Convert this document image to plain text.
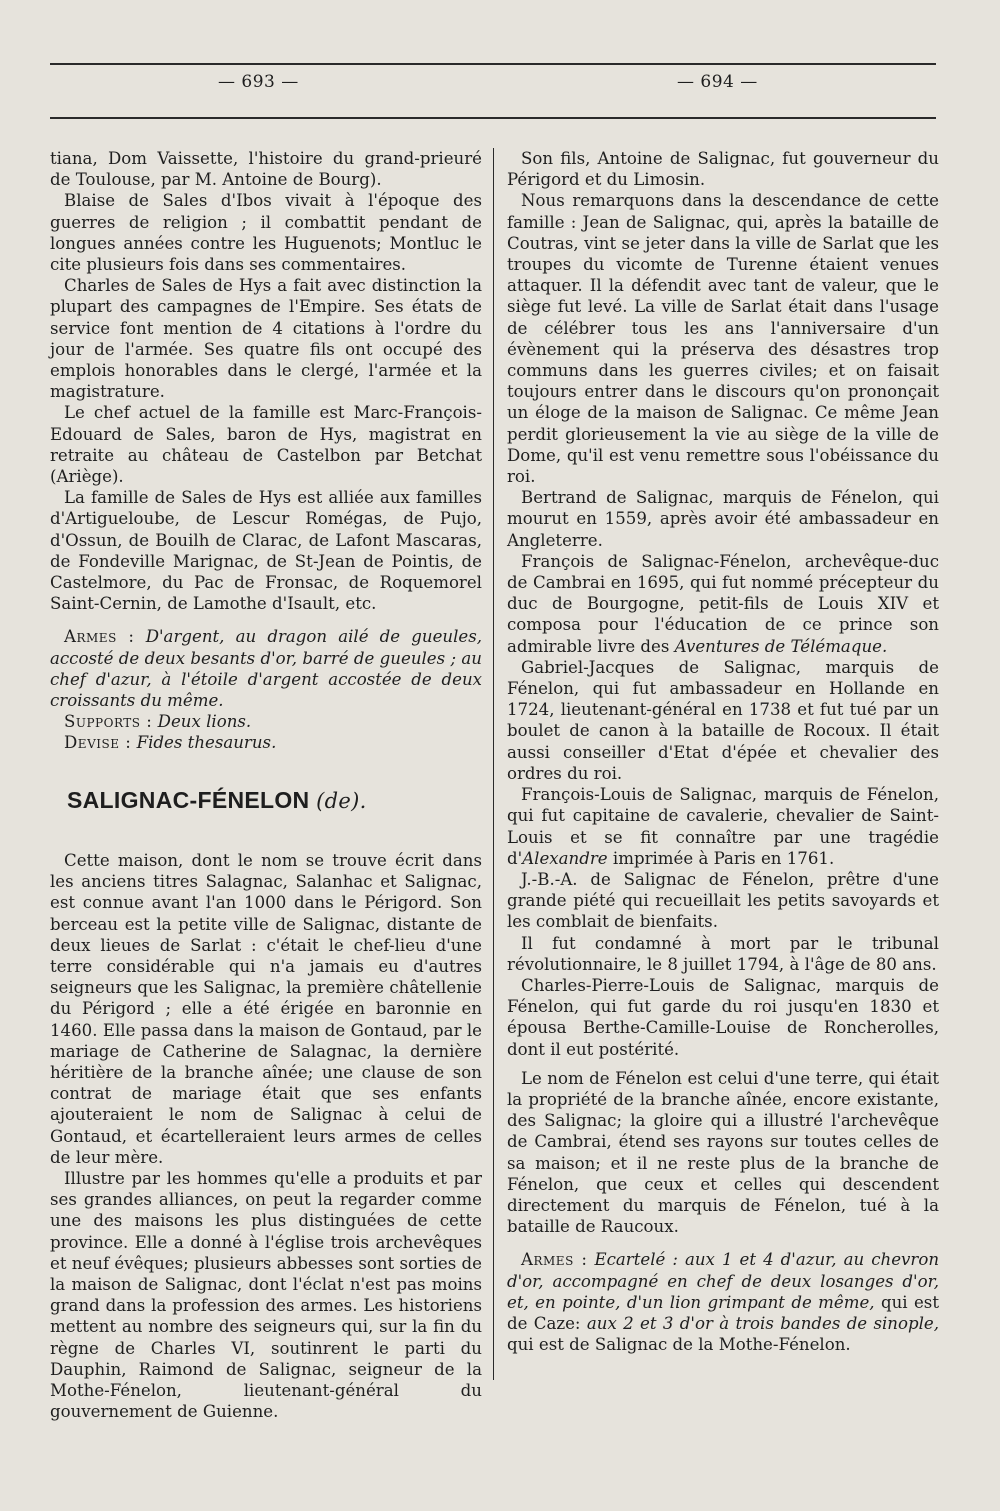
— 693 —	— 694 —

tiana, Dom Vaissette, l'histoire du grand-prieuré de Toulouse, par M. Antoine de Bourg).

Blaise de Sales d'Ibos vivait à l'époque des guerres de religion ; il combattit pendant de longues années contre les Huguenots; Montluc le cite plusieurs fois dans ses commentaires.

Charles de Sales de Hys a fait avec distinction la plupart des campagnes de l'Empire. Ses états de service font mention de 4 citations à l'ordre du jour de l'armée. Ses quatre fils ont occupé des emplois honorables dans le clergé, l'armée et la magistrature.

Le chef actuel de la famille est Marc-François-Edouard de Sales, baron de Hys, magistrat en retraite au château de Castelbon par Betchat (Ariège).

La famille de Sales de Hys est alliée aux familles d'Artigueloube, de Lescur Romégas, de Pujo, d'Ossun, de Bouilh de Clarac, de Lafont Mascaras, de Fondeville Marignac, de St-Jean de Pointis, de Castelmore, du Pac de Fronsac, de Roquemorel Saint-Cernin, de Lamothe d'Isault, etc.

Armes : D'argent, au dragon ailé de gueules, accosté de deux besants d'or, barré de gueules ; au chef d'azur, à l'étoile d'argent accostée de deux croissants du même.

Supports : Deux lions.

Devise : Fides thesaurus.

SALIGNAC-FÉNELON (de).

Cette maison, dont le nom se trouve écrit dans les anciens titres Salagnac, Salanhac et Salignac, est connue avant l'an 1000 dans le Périgord. Son berceau est la petite ville de Salignac, distante de deux lieues de Sarlat : c'était le chef-lieu d'une terre considérable qui n'a jamais eu d'autres seigneurs que les Salignac, la première châtellenie du Périgord ; elle a été érigée en baronnie en 1460. Elle passa dans la maison de Gontaud, par le mariage de Catherine de Salagnac, la dernière héritière de la branche aînée; une clause de son contrat de mariage était que ses enfants ajouteraient le nom de Salignac à celui de Gontaud, et écartelleraient leurs armes de celles de leur mère.

Illustre par les hommes qu'elle a produits et par ses grandes alliances, on peut la regarder comme une des maisons les plus distinguées de cette province. Elle a donné à l'église trois archevêques et neuf évêques; plusieurs abbesses sont sorties de la maison de Salignac, dont l'éclat n'est pas moins grand dans la profession des armes. Les historiens mettent au nombre des seigneurs qui, sur la fin du règne de Charles VI, soutinrent le parti du Dauphin, Raimond de Salignac, seigneur de la Mothe-Fénelon, lieutenant-général du gouvernement de Guienne.

Son fils, Antoine de Salignac, fut gouverneur du Périgord et du Limosin.

Nous remarquons dans la descendance de cette famille : Jean de Salignac, qui, après la bataille de Coutras, vint se jeter dans la ville de Sarlat que les troupes du vicomte de Turenne étaient venues attaquer. Il la défendit avec tant de valeur, que le siège fut levé. La ville de Sarlat était dans l'usage de célébrer tous les ans l'anniversaire d'un évènement qui la préserva des désastres trop communs dans les guerres civiles; et on faisait toujours entrer dans le discours qu'on prononçait un éloge de la maison de Salignac. Ce même Jean perdit glorieusement la vie au siège de la ville de Dome, qu'il est venu remettre sous l'obéissance du roi.

Bertrand de Salignac, marquis de Fénelon, qui mourut en 1559, après avoir été ambassadeur en Angleterre.

François de Salignac-Fénelon, archevêque-duc de Cambrai en 1695, qui fut nommé précepteur du duc de Bourgogne, petit-fils de Louis XIV et composa pour l'éducation de ce prince son admirable livre des Aventures de Télémaque.

Gabriel-Jacques de Salignac, marquis de Fénelon, qui fut ambassadeur en Hollande en 1724, lieutenant-général en 1738 et fut tué par un boulet de canon à la bataille de Rocoux. Il était aussi conseiller d'Etat d'épée et chevalier des ordres du roi.

François-Louis de Salignac, marquis de Fénelon, qui fut capitaine de cavalerie, chevalier de Saint-Louis et se fit connaître par une tragédie d'Alexandre imprimée à Paris en 1761.

J.-B.-A. de Salignac de Fénelon, prêtre d'une grande piété qui recueillait les petits savoyards et les comblait de bienfaits.

Il fut condamné à mort par le tribunal révolutionnaire, le 8 juillet 1794, à l'âge de 80 ans.

Charles-Pierre-Louis de Salignac, marquis de Fénelon, qui fut garde du roi jusqu'en 1830 et épousa Berthe-Camille-Louise de Roncherolles, dont il eut postérité.

Le nom de Fénelon est celui d'une terre, qui était la propriété de la branche aînée, encore existante, des Salignac; la gloire qui a illustré l'archevêque de Cambrai, étend ses rayons sur toutes celles de sa maison; et il ne reste plus de la branche de Fénelon, que ceux et celles qui descendent directement du marquis de Fénelon, tué à la bataille de Raucoux.

Armes : Ecartelé : aux 1 et 4 d'azur, au chevron d'or, accompagné en chef de deux losanges d'or, et, en pointe, d'un lion grimpant de même, qui est de Caze: aux 2 et 3 d'or à trois bandes de sinople, qui est de Salignac de la Mothe-Fénelon.
